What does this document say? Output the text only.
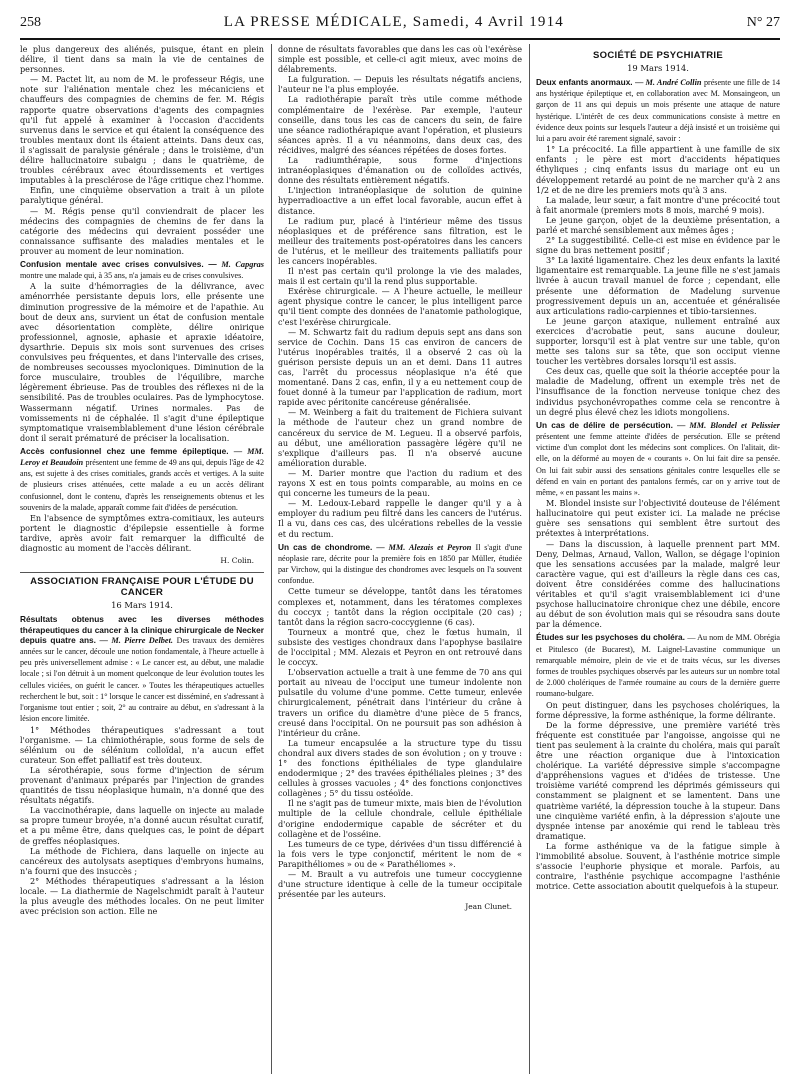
258	LA PRESSE MÉDICALE, Samedi, 4 Avril 1914	N° 27

le plus dangereux des aliénés, puisque, étant en plein délire, il tient dans sa main la vie de centaines de personnes.

— M. Pactet lit, au nom de M. le professeur Régis, une note sur l'aliénation mentale chez les mécaniciens et chauffeurs des compagnies de chemins de fer. M. Régis rapporte quatre observations d'agents des compagnies qu'il fut appelé à examiner à l'occasion d'accidents survenus dans le service et qui étaient la conséquence des troubles mentaux dont ils étaient atteints. Dans deux cas, il s'agissait de paralysie générale ; dans le troisième, d'un délire hallucinatoire subaigu ; dans le quatrième, de troubles cérébraux avec étourdissements et vertiges imputables à la presclérose de l'âge critique chez l'homme.

Enfin, une cinquième observation a trait à un pilote paralytique général.

— M. Régis pense qu'il conviendrait de placer les médecins des compagnies de chemins de fer dans la catégorie des médecins qui devraient posséder une connaissance suffisante des maladies mentales et le prouver au moment de leur nomination.

Confusion mentale avec crises convulsives. — M. Capgras montre une malade qui, à 35 ans, n'a jamais eu de crises convulsives.

A la suite d'hémorragies de la délivrance, avec aménorrhée persistante depuis lors, elle présente une diminution progressive de la mémoire et de l'apathie. Au bout de deux ans, survient un état de confusion mentale avec désorientation complète, délire onirique professionnel, agnosie, aphasie et apraxie idéatoire, dysarthrie. Depuis six mois sont survenues des crises convulsives peu fréquentes, et dans l'intervalle des crises, de nombreuses secousses myocloniques. Diminution de la force musculaire, troubles de l'équilibre, marche légèrement ébrieuse. Pas de troubles des réflexes ni de la sensibilité. Pas de troubles oculaires. Pas de lymphocytose. Wassermann négatif. Urines normales. Pas de vomissements ni de céphalée. Il s'agit d'une épileptique symptomatique vraisemblablement d'une lésion cérébrale dont il serait prématuré de préciser la localisation.

Accès confusionnel chez une femme épileptique. — MM. Leroy et Beaudoin présentent une femme de 49 ans qui, depuis l'âge de 42 ans, est sujette à des crises comitiales, grands accès et vertiges. A la suite de plusieurs crises atténuées, cette malade a eu un accès délirant confusionnel, dont le contenu, d'après les renseignements obtenus et les souvenirs de la malade, apparaît comme fait d'idées de persécution.

En l'absence de symptômes extra-comitiaux, les auteurs portent le diagnostic d'épilepsie essentielle à forme tardive, après avoir fait remarquer la difficulté de diagnostic au moment de l'accès délirant.

H. Colin.
ASSOCIATION FRANÇAISE POUR L'ÉTUDE DU CANCER
16 Mars 1914.
Résultats obtenus avec les diverses méthodes thérapeutiques du cancer à la clinique chirurgicale de Necker depuis quatre ans. — M. Pierre Delbet. Des travaux des dernières années sur le cancer, découle une notion fondamentale, à l'heure actuelle à peu près universellement admise : « Le cancer est, au début, une maladie locale ; si l'on détruit à un moment quelconque de leur évolution toutes les cellules viciées, on guérit le cancer. » Toutes les thérapeutiques actuelles recherchent le but, soit : 1° lorsque le cancer est disséminé, en s'adressant à l'organisme tout entier ; soit, 2° au contraire au début, en s'adressant à la lésion encore limitée.

1° Méthodes thérapeutiques s'adressant a tout l'organisme. — La chimiothérapie, sous forme de sels de sélénium ou de sélénium colloïdal, n'a aucun effet curateur. Son effet palliatif est très douteux.

La sérothérapie, sous forme d'injection de sérum provenant d'animaux préparés par l'injection de grandes quantités de tissu néoplasique humain, n'a donné que des résultats négatifs.

La vaccinothérapie, dans laquelle on injecte au malade sa propre tumeur broyée, n'a donné aucun résultat curatif, et a pu même être, dans quelques cas, le point de départ de greffes néoplasiques.

La méthode de Fichiera, dans laquelle on injecte au cancéreux des autolysats aseptiques d'embryons humains, n'a fourni que des insuccès ;

2° Méthodes thérapeutiques s'adressant a la lésion locale. — La diathermie de Nagelschmidt paraît à l'auteur la plus aveugle des méthodes locales. On ne peut limiter avec précision son action. Elle ne

donne de résultats favorables que dans les cas où l'exérèse simple est possible, et celle-ci agit mieux, avec moins de délabrements.

La fulguration. — Depuis les résultats négatifs anciens, l'auteur ne l'a plus employée.

La radiothérapie paraît très utile comme méthode complémentaire de l'exérèse. Par exemple, l'auteur conseille, dans tous les cas de cancers du sein, de faire une séance radiothérapique avant l'opération, et plusieurs séances après. Il a vu néanmoins, dans deux cas, des récidives, malgré des séances répétées de doses fortes.

La radiumthérapie, sous forme d'injections intranéoplasiques d'émanation ou de colloïdes activés, donne des résultats entièrement négatifs.

L'injection intranéoplasique de solution de quinine hyperradioactive a un effet local favorable, aucun effet à distance.

Le radium pur, placé à l'intérieur même des tissus néoplasiques et de préférence sans filtration, est le meilleur des traitements post-opératoires dans les cancers de l'utérus, et le meilleur des traitements palliatifs pour les cancers inopérables.

Il n'est pas certain qu'il prolonge la vie des malades, mais il est certain qu'il la rend plus supportable.

Exérèse chirurgicale. — A l'heure actuelle, le meilleur agent physique contre le cancer, le plus intelligent parce qu'il tient compte des données de l'anatomie pathologique, c'est l'exérèse chirurgicale.

— M. Schwartz fait du radium depuis sept ans dans son service de Cochin. Dans 15 cas environ de cancers de l'utérus inopérables traités, il a observé 2 cas où la guérison persiste depuis un an et demi. Dans 11 autres cas, l'arrêt du processus néoplasique n'a été que momentané. Dans 2 cas, enfin, il y a eu nettement coup de fouet donné à la tumeur par l'application de radium, mort rapide avec péritonite cancéreuse généralisée.

— M. Weinberg a fait du traitement de Fichiera suivant la méthode de l'auteur chez un grand nombre de cancéreux du service de M. Legueu. Il a observé parfois, au début, une amélioration passagère légère qu'il ne s'explique d'ailleurs pas. Il n'a observé aucune amélioration durable.

— M. Darier montre que l'action du radium et des rayons X est en tous points comparable, au moins en ce qui concerne les tumeurs de la peau.

— M. Ledoux-Lebard rappelle le danger qu'il y a à employer du radium peu filtré dans les cancers de l'utérus. Il a vu, dans ces cas, des ulcérations rebelles de la vessie et du rectum.

Un cas de chondrome. — MM. Alezais et Peyron Il s'agit d'une néoplasie rare, décrite pour la première fois en 1850 par Müller, étudiée par Virchow, qui la distingue des chondromes avec lesquels on l'a souvent confondue.

Cette tumeur se développe, tantôt dans les tératomes complexes et, notamment, dans les tératomes complexes du coccyx ; tantôt dans la région occipitale (20 cas) ; tantôt dans la région sacro-coccygienne (6 cas).

Tourneux a montré que, chez le fœtus humain, il subsiste des vestiges chondraux dans l'apophyse basilaire de l'occipital ; MM. Alezais et Peyron en ont retrouvé dans le coccyx.

L'observation actuelle a trait à une femme de 70 ans qui portait au niveau de l'occiput une tumeur indolente non pulsatile du volume d'une pomme. Cette tumeur, enlevée chirurgicalement, pénétrait dans l'intérieur du crâne à travers un orifice du diamètre d'une pièce de 5 francs, creusé dans l'occipital. On ne poursuit pas son adhésion à l'intérieur du crâne.

La tumeur encapsulée a la structure type du tissu chondral aux divers stades de son évolution ; on y trouve : 1° des fonctions épithéliales de type glandulaire endodermique ; 2° des travées épithéliales pleines ; 3° des cellules à grosses vacuoles ; 4° des fonctions conjonctives collagènes ; 5° du tissu ostéoïde.

Il ne s'agit pas de tumeur mixte, mais bien de l'évolution multiple de la cellule chondrale, cellule épithéliale d'origine endodermique capable de sécréter et du collagène et de l'osséine.

Les tumeurs de ce type, dérivées d'un tissu différencié à la fois vers le type conjonctif, méritent le nom de « Parapithéliomes » ou de « Parathéliomes ».

— M. Brault a vu autrefois une tumeur coccygienne d'une structure identique à celle de la tumeur occipitale présentée par les auteurs.

Jean Clunet.
SOCIÉTÉ DE PSYCHIATRIE
19 Mars 1914.
Deux enfants anormaux. — M. André Collin présente une fille de 14 ans hystérique épileptique et, en collaboration avec M. Monsaingeon, un garçon de 11 ans qui depuis un mois présente une attaque de nature hystérique. L'intérêt de ces deux communications consiste à mettre en évidence deux points sur lesquels l'auteur a déjà insisté et un troisième qui lui a paru avoir été rarement signalé, savoir :

1° La précocité. La fille appartient à une famille de six enfants ; le père est mort d'accidents hépatiques éthyliques ; cinq enfants issus du mariage ont eu un développement retardé au point de ne marcher qu'à 2 ans 1/2 et de ne dire les premiers mots qu'à 3 ans.

La malade, leur sœur, a fait montre d'une précocité tout à fait anormale (premiers mots 8 mois, marché 9 mois).

Le jeune garçon, objet de la deuxième présentation, a parlé et marché sensiblement aux mêmes âges ;

2° La suggestibilité. Celle-ci est mise en évidence par le signe du bras nettement positif ;

3° La laxité ligamentaire. Chez les deux enfants la laxité ligamentaire est remarquable. La jeune fille ne s'est jamais livrée à aucun travail manuel de force ; cependant, elle présente une déformation de Madelung survenue progressivement depuis un an, accentuée et généralisée aux articulations radio-carpiennes et tibio-tarsiennes.

Le jeune garçon ataxique, nullement entraîné aux exercices d'acrobatie peut, sans aucune douleur, supporter, lorsqu'il est à plat ventre sur une table, qu'on mette ses talons sur sa tête, que son occiput vienne toucher les vertèbres dorsales lorsqu'il est assis.

Ces deux cas, quelle que soit la théorie acceptée pour la maladie de Madelung, offrent un exemple très net de l'insuffisance de la fonction nerveuse tonique chez des individus psychonévropathes comme cela se rencontre à un degré plus élevé chez les idiots mongoliens.

Un cas de délire de persécution. — MM. Blondel et Pelissier présentent une femme atteinte d'idées de persécution. Elle se prétend victime d'un complot dont les médecins sont complices. On l'alitait, dit-elle, on la déformé au moyen de « courants ». On lui fait dire sa pensée. On lui fait subir aussi des sensations génitales contre lesquelles elle se défend en vain en portant des pantalons fermés, car on y arrive tout de même, « en passant les mains ».

M. Blondel insiste sur l'objectivité douteuse de l'élément hallucinatoire qui peut exister ici. La malade ne précise guère ses sensations qui semblent être surtout des prétextes à interprétations.

— Dans la discussion, à laquelle prennent part MM. Deny, Delmas, Arnaud, Vallon, Wallon, se dégage l'opinion que les sensations accusées par la malade, malgré leur caractère vague, qui est d'ailleurs la règle dans ces cas, doivent être considérées comme des hallucinations véritables et qu'il s'agit vraisemblablement ici d'une psychose hallucinatoire chronique chez une débile, encore au début de son évolution mais qui se résoudra sans doute par la démence.

Études sur les psychoses du choléra. — Au nom de MM. Obrégia et Pitulesco (de Bucarest), M. Laignel-Lavastine communique un remarquable mémoire, plein de vie et de traits vécus, sur les diverses formes de troubles psychiques observés par les auteurs sur un nombre total de 2.000 cholériques de l'armée roumaine au cours de la dernière guerre roumano-bulgare.

On peut distinguer, dans les psychoses cholériques, la forme dépressive, la forme asthénique, la forme délirante.

De la forme dépressive, une première variété très fréquente est constituée par l'angoisse, angoisse qui ne tient pas seulement à la crainte du choléra, mais qui paraît être une réaction organique due à l'intoxication cholérique. La variété dépressive simple s'accompagne d'appréhensions vagues et d'idées de tristesse. Une troisième variété comprend les déprimés gémisseurs qui constamment se plaignent et se lamentent. Dans une quatrième variété, la dépression touche à la stupeur. Dans une cinquième variété enfin, à la dépression s'ajoute une dyspnée intense par anoxémie qui rend le tableau très dramatique.

La forme asthénique va de la fatigue simple à l'immobilité absolue. Souvent, à l'asthénie motrice simple s'associe l'euphorie physique et morale. Parfois, au contraire, l'asthénie psychique accompagne l'asthénie motrice. Cette association aboutit quelquefois à la stupeur.
